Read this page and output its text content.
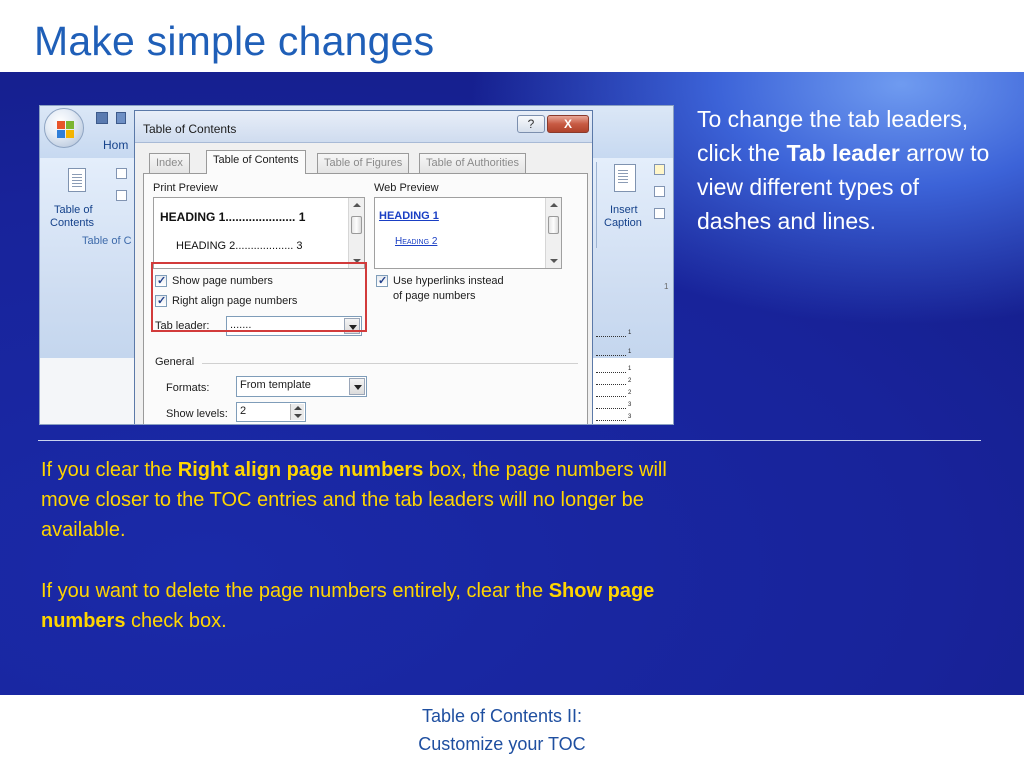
Make simple changes
Hom
Table of
Contents
Table of C
Insert
Caption
1
1
1
1
2
2
3
3
Table of Contents	?	X
Index	Table of Contents	Table of Figures	Table of Authorities
Print Preview
HEADING 1..................... 1
HEADING 2................... 3
Web Preview
HEADING 1
Heading 2
✓
Show page numbers
✓
Right align page numbers
✓
Use hyperlinks instead
of page numbers
Tab leader:	.......
General
Formats:	From template
Show levels:	2
To change the tab leaders, click the Tab leader arrow to view different types of dashes and lines.
If you clear the Right align page numbers box, the page numbers will move closer to the TOC entries and the tab leaders will no longer be available.
If you want to delete the page numbers entirely, clear the Show page numbers check box.
Table of Contents II:
Customize your TOC
